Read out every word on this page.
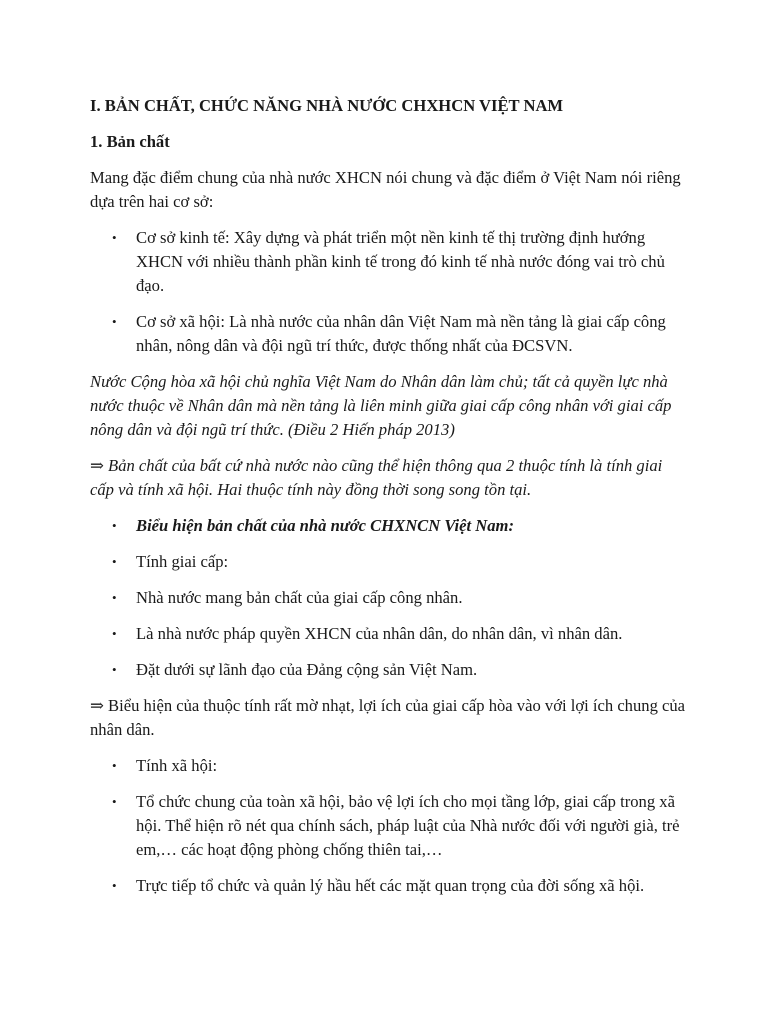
I. BẢN CHẤT, CHỨC NĂNG NHÀ NƯỚC CHXHCN VIỆT NAM
1. Bản chất

Mang đặc điểm chung của nhà nước XHCN nói chung và đặc điểm ở Việt Nam nói riêng dựa trên hai cơ sở:

• Cơ sở kinh tế: Xây dựng và phát triển một nền kinh tế thị trường định hướng XHCN với nhiều thành phần kinh tế trong đó kinh tế nhà nước đóng vai trò chủ đạo.
• Cơ sở xã hội: Là nhà nước của nhân dân Việt Nam mà nền tảng là giai cấp công nhân, nông dân và đội ngũ trí thức, được thống nhất của ĐCSVN.

Nước Cộng hòa xã hội chủ nghĩa Việt Nam do Nhân dân làm chủ; tất cả quyền lực nhà nước thuộc về Nhân dân mà nền tảng là liên minh giữa giai cấp công nhân với giai cấp nông dân và đội ngũ trí thức. (Điều 2 Hiến pháp 2013)

⇒ Bản chất của bất cứ nhà nước nào cũng thể hiện thông qua 2 thuộc tính là tính giai cấp và tính xã hội. Hai thuộc tính này đồng thời song song tồn tại.

• Biểu hiện bản chất của nhà nước CHXNCN Việt Nam:
• Tính giai cấp:
• Nhà nước mang bản chất của giai cấp công nhân.
• Là nhà nước pháp quyền XHCN của nhân dân, do nhân dân, vì nhân dân.
• Đặt dưới sự lãnh đạo của Đảng cộng sản Việt Nam.

⇒ Biểu hiện của thuộc tính rất mờ nhạt, lợi ích của giai cấp hòa vào với lợi ích chung của nhân dân.

• Tính xã hội:
• Tổ chức chung của toàn xã hội, bảo vệ lợi ích cho mọi tầng lớp, giai cấp trong xã hội. Thể hiện rõ nét qua chính sách, pháp luật của Nhà nước đối với người già, trẻ em,… các hoạt động phòng chống thiên tai,…
• Trực tiếp tổ chức và quản lý hầu hết các mặt quan trọng của đời sống xã hội.
